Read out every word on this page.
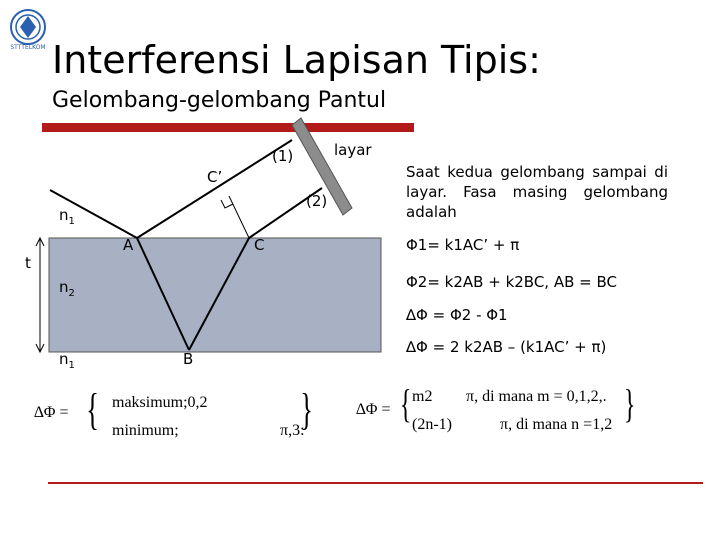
STTTELKOM Interferensi Lapisan Tipis:
Gelombang-gelombang Pantul
(1)	layar
C’
(2)
$n_1$
A	C
t
$n_2$
$n_1$	B
Saat kedua gelombang sampai di layar. Fasa masing gelombang adalah
Φ1= k1AC’ + π
Φ2= k2AB + k2BC, AB = BC
∆Φ = Φ2 - Φ1
∆Φ = 2 k2AB – (k1AC’ + π)
∆Φ = { maksimum;0,2
minimum;	π,3:
}	∆Φ = { m2 π, di mana m = 0,1,2,.
(2n-1)	π, di mana n =1,2 }
